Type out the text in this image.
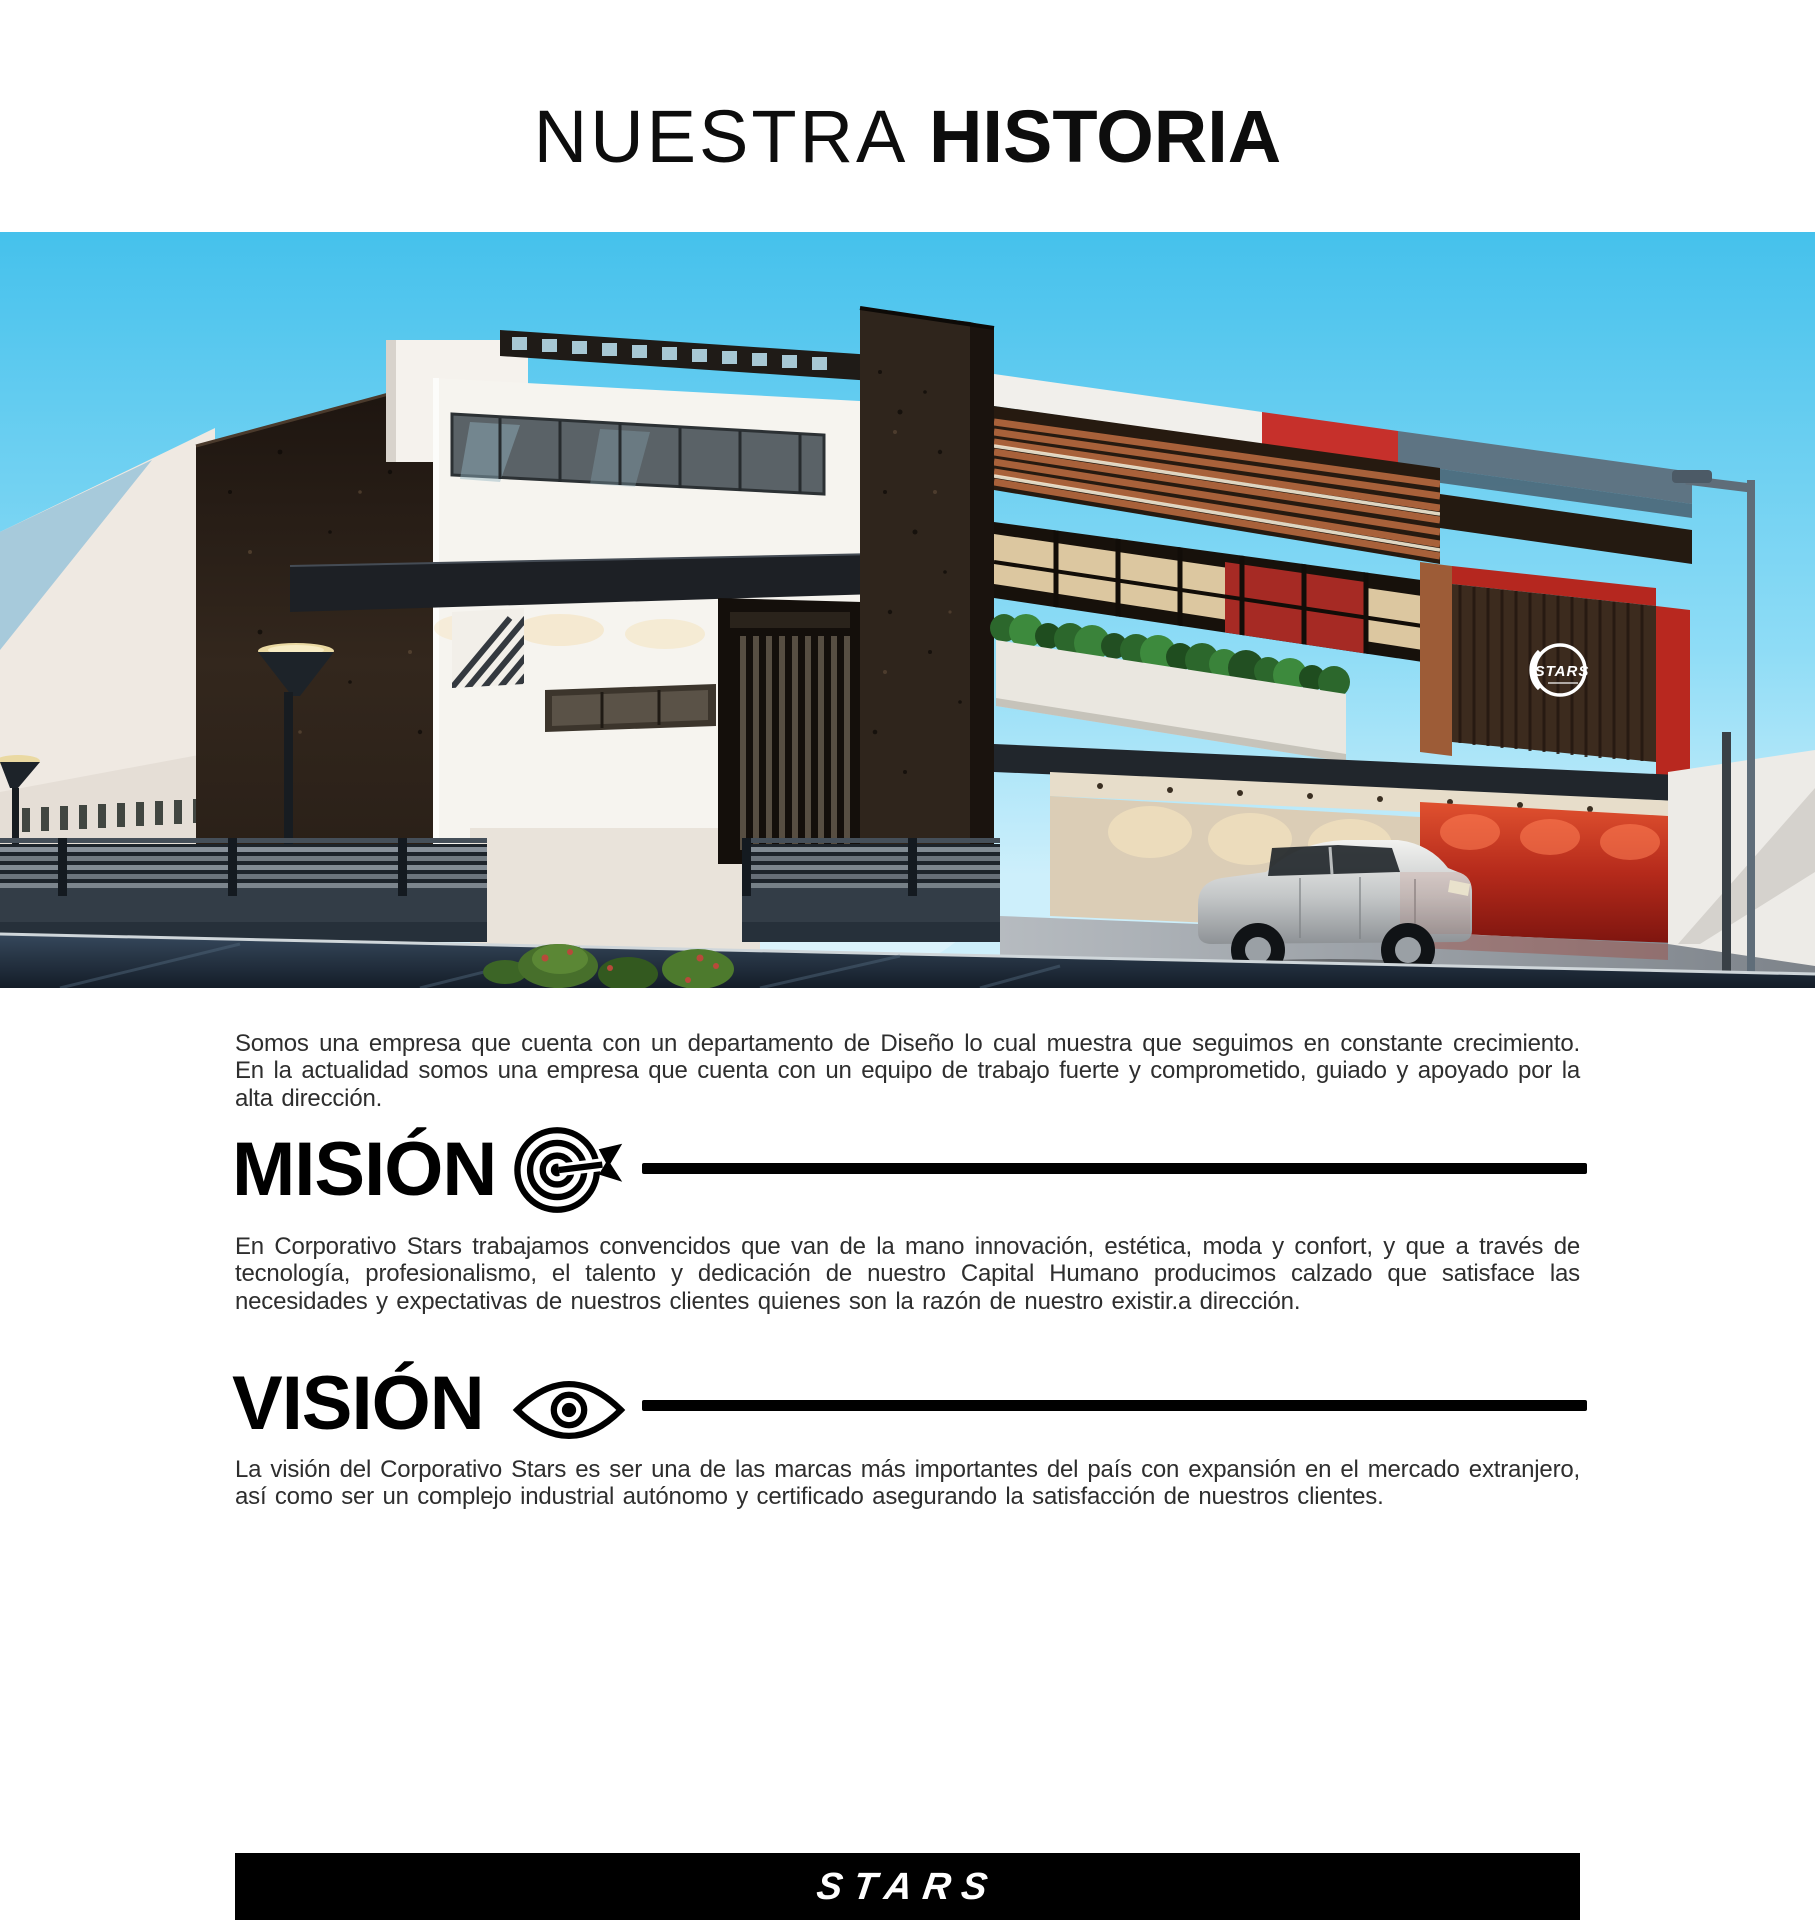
NUESTRA HISTORIA
STARS

Somos una empresa que cuenta con un departamento de Diseño lo cual muestra que seguimos en constante crecimiento. En la actualidad somos una empresa que cuenta con un equipo de trabajo fuerte y comprometido, guiado y apoyado por la alta dirección.

MISIÓN

En Corporativo Stars trabajamos convencidos que van de la mano innovación, estética, moda y confort, y que a través de tecnología, profesionalismo, el talento y dedicación de nuestro Capital Humano producimos calzado que satisface las necesidades y expectativas de nuestros clientes quienes son la razón de nuestro existir.a dirección.

VISIÓN

La visión del Corporativo Stars es ser una de las marcas más importantes del país con expansión en el mercado extranjero, así como ser un complejo industrial autónomo y certificado asegurando la satisfacción de nuestros clientes.

STARS
